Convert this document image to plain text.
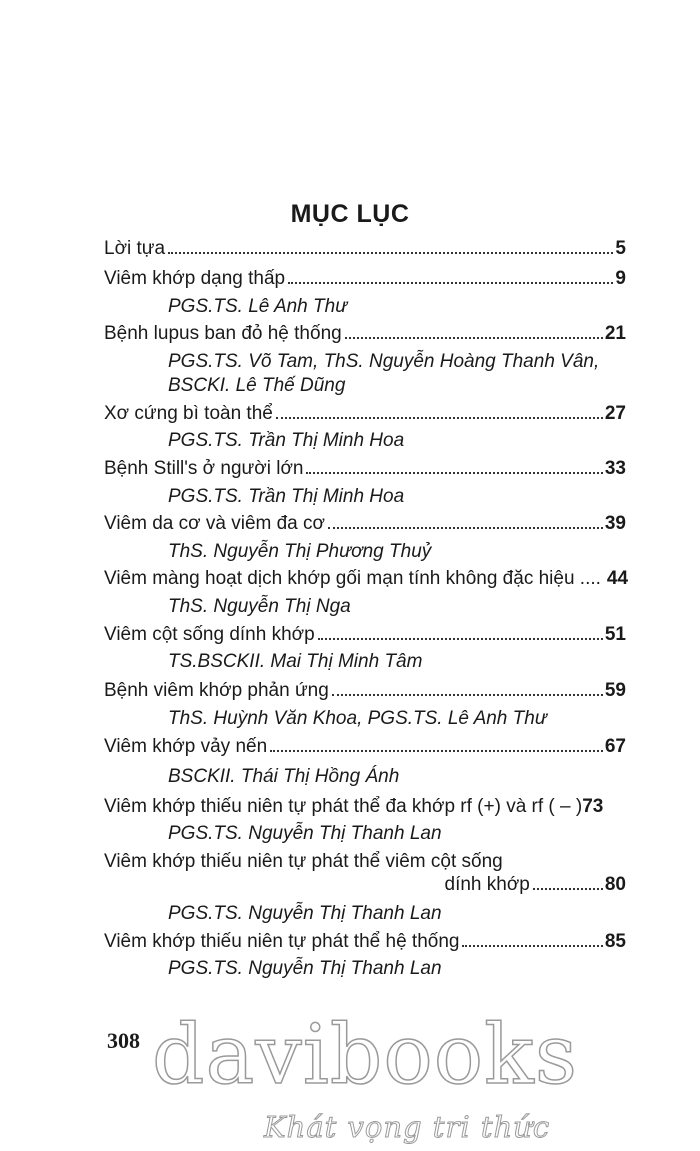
MỤC LỤC
Lời tựa	5
Viêm khớp dạng thấp	9
PGS.TS. Lê Anh Thư
Bệnh lupus ban đỏ hệ thống	21
PGS.TS. Võ Tam, ThS. Nguyễn Hoàng Thanh Vân,
BSCKI. Lê Thế Dũng
Xơ cứng bì toàn thể	27
PGS.TS. Trần Thị Minh Hoa
Bệnh Still's ở người lớn	33
PGS.TS. Trần Thị Minh Hoa
Viêm da cơ và viêm đa cơ	39
ThS. Nguyễn Thị Phương Thuỷ
Viêm màng hoạt dịch khớp gối mạn tính không đặc hiệu .... 44
ThS. Nguyễn Thị Nga
Viêm cột sống dính khớp	51
TS.BSCKII. Mai Thị Minh Tâm
Bệnh viêm khớp phản ứng	59
ThS. Huỳnh Văn Khoa, PGS.TS. Lê Anh Thư
Viêm khớp vảy nến	67
BSCKII. Thái Thị Hồng Ánh
Viêm khớp thiếu niên tự phát thể đa khớp rf (+) và rf ( – ) 73
PGS.TS. Nguyễn Thị Thanh Lan
Viêm khớp thiếu niên tự phát thể viêm cột sống
dính khớp	80
PGS.TS. Nguyễn Thị Thanh Lan
Viêm khớp thiếu niên tự phát thể hệ thống	85
PGS.TS. Nguyễn Thị Thanh Lan
308 davibooks
Khát vọng tri thức
